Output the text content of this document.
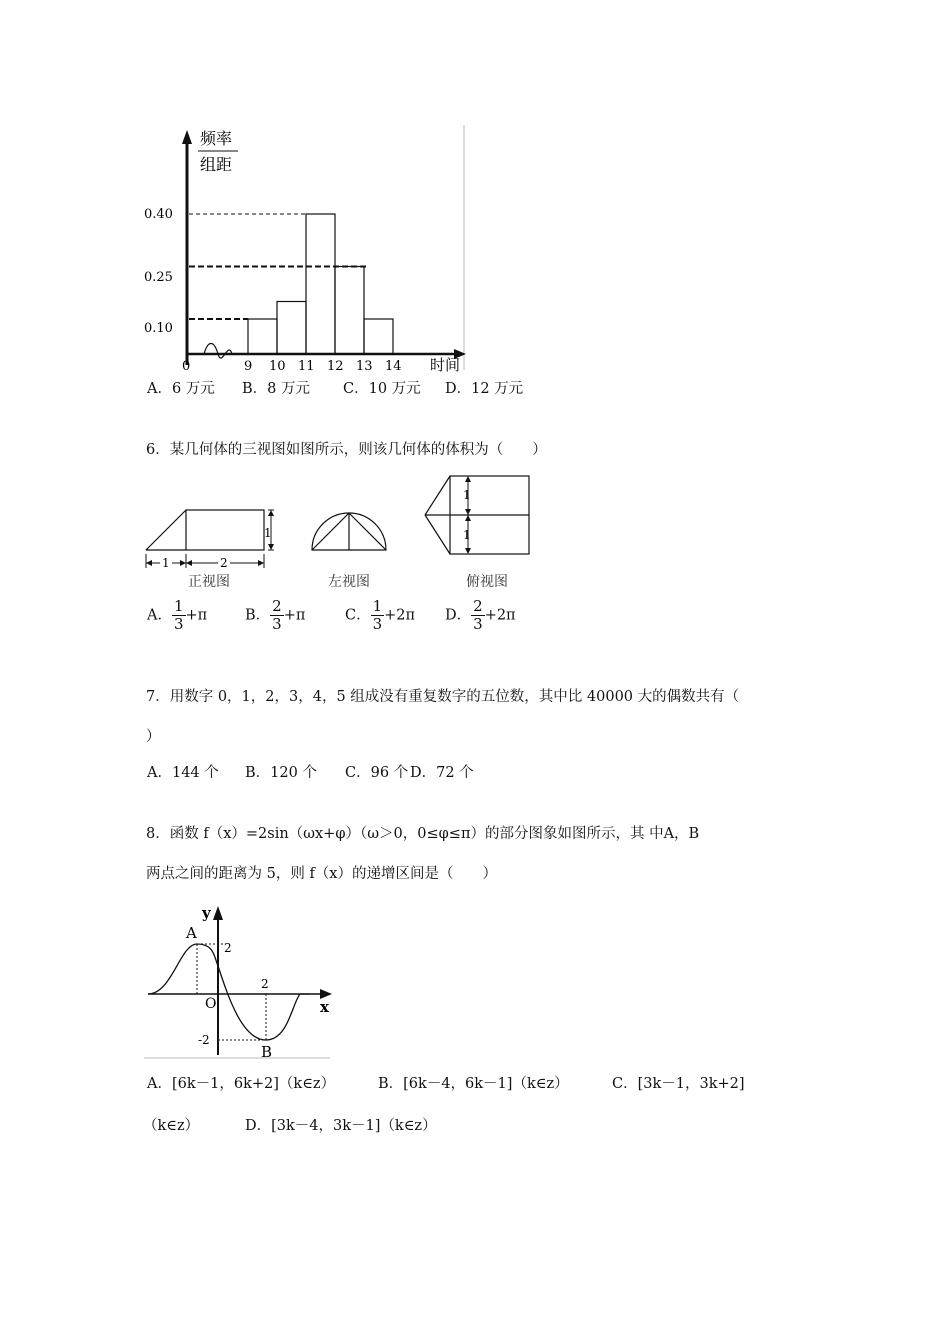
频率
组距
0.40
0.25
0.10
0	9 10 11 12 13 14 时间
A．6 万元 B．8 万元 C．10 万元 D．12 万元
6．某几何体的三视图如图所示，则该几何体的体积为（　　）
1
1	2
正视图	左视图
1
1
俯视图
A． $\frac{1}{3} +\pi$	B． $\frac{2}{3} +\pi$	C． $\frac{1}{3} +2\pi$ D． $\frac{2}{3} +2\pi$
7．用数字 0，1，2，3，4，5 组成没有重复数字的五位数，其中比 40000 大的偶数共有（
）
A．144 个 B．120 个 C．96 个 D．72 个
8．函数 f（x）=2sin（ωx+φ）（ω＞0，0≤φ≤π）的部分图象如图所示，其 中A，B
两点之间的距离为 5，则 f（x）的递增区间是（　　）
x
y
A
2
O
2
-2
B
A．[6k－1，6k+2]（k∈z）	B．[6k－4，6k－1]（k∈z）	C．[3k－1，3k+2]
（k∈z）	D．[3k－4，3k－1]（k∈z）
